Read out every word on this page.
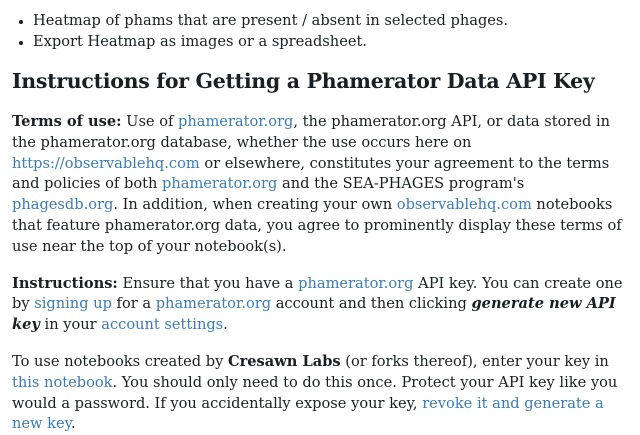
• Heatmap of phams that are present / absent in selected phages.
• Export Heatmap as images or a spreadsheet.
Instructions for Getting a Phamerator Data API Key

Terms of use: Use of phamerator.org, the phamerator.org API, or data stored in the phamerator.org database, whether the use occurs here on https://observablehq.com or elsewhere, constitutes your agreement to the terms and policies of both phamerator.org and the SEA-PHAGES program's phagesdb.org. In addition, when creating your own observablehq.com notebooks that feature phamerator.org data, you agree to prominently display these terms of use near the top of your notebook(s).

Instructions: Ensure that you have a phamerator.org API key. You can create one by signing up for a phamerator.org account and then clicking generate new API key in your account settings.

To use notebooks created by Cresawn Labs (or forks thereof), enter your key in this notebook. You should only need to do this once. Protect your API key like you would a password. If you accidentally expose your key, revoke it and generate a new key.
